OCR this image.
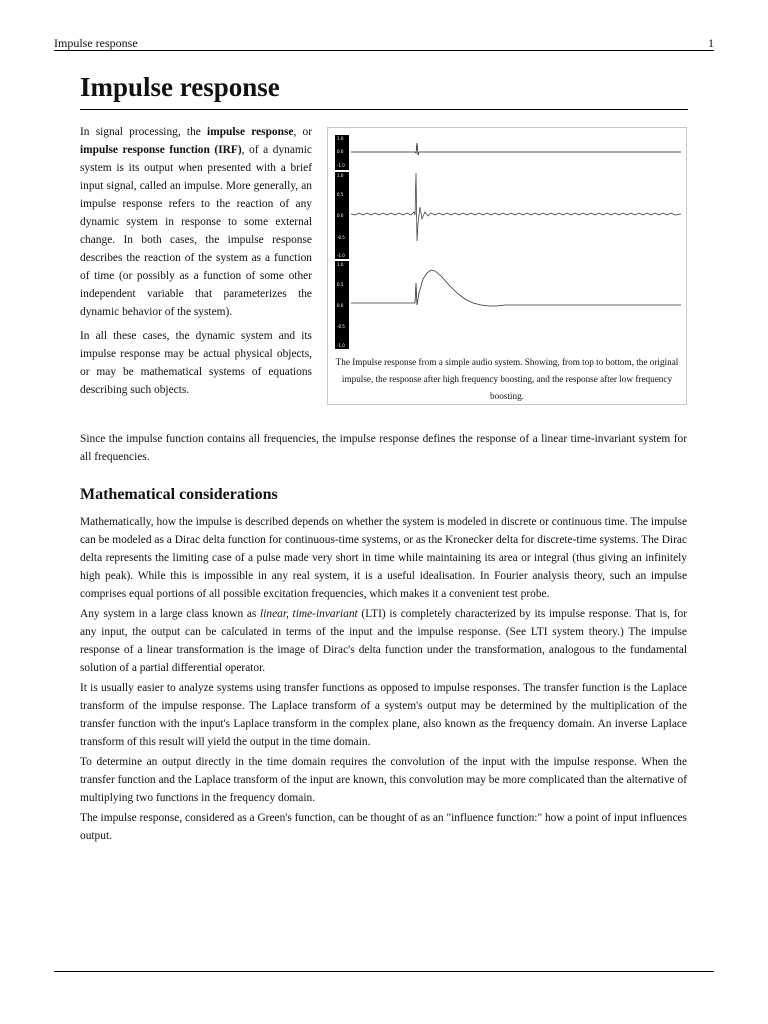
Impulse response	1
Impulse response

In signal processing, the impulse response, or impulse response function (IRF), of a dynamic system is its output when presented with a brief input signal, called an impulse. More generally, an impulse response refers to the reaction of any dynamic system in response to some external change. In both cases, the impulse response describes the reaction of the system as a function of time (or possibly as a function of some other independent variable that parameterizes the dynamic behavior of the system).

In all these cases, the dynamic system and its impulse response may be actual physical objects, or may be mathematical systems of equations describing such objects.

1.0
0.0
-1.0
1.0
0.5
0.0
-0.5
-1.0
1.0
0.5
0.0
-0.5
-1.0
The Impulse response from a simple audio system. Showing, from top to bottom, the original impulse, the response after high frequency boosting, and the response after low frequency boosting.

Since the impulse function contains all frequencies, the impulse response defines the response of a linear time-invariant system for all frequencies.

Mathematical considerations

Mathematically, how the impulse is described depends on whether the system is modeled in discrete or continuous time. The impulse can be modeled as a Dirac delta function for continuous-time systems, or as the Kronecker delta for discrete-time systems. The Dirac delta represents the limiting case of a pulse made very short in time while maintaining its area or integral (thus giving an infinitely high peak). While this is impossible in any real system, it is a useful idealisation. In Fourier analysis theory, such an impulse comprises equal portions of all possible excitation frequencies, which makes it a convenient test probe.

Any system in a large class known as linear, time-invariant (LTI) is completely characterized by its impulse response. That is, for any input, the output can be calculated in terms of the input and the impulse response. (See LTI system theory.) The impulse response of a linear transformation is the image of Dirac's delta function under the transformation, analogous to the fundamental solution of a partial differential operator.

It is usually easier to analyze systems using transfer functions as opposed to impulse responses. The transfer function is the Laplace transform of the impulse response. The Laplace transform of a system's output may be determined by the multiplication of the transfer function with the input's Laplace transform in the complex plane, also known as the frequency domain. An inverse Laplace transform of this result will yield the output in the time domain.

To determine an output directly in the time domain requires the convolution of the input with the impulse response. When the transfer function and the Laplace transform of the input are known, this convolution may be more complicated than the alternative of multiplying two functions in the frequency domain.

The impulse response, considered as a Green's function, can be thought of as an "influence function:" how a point of input influences output.
